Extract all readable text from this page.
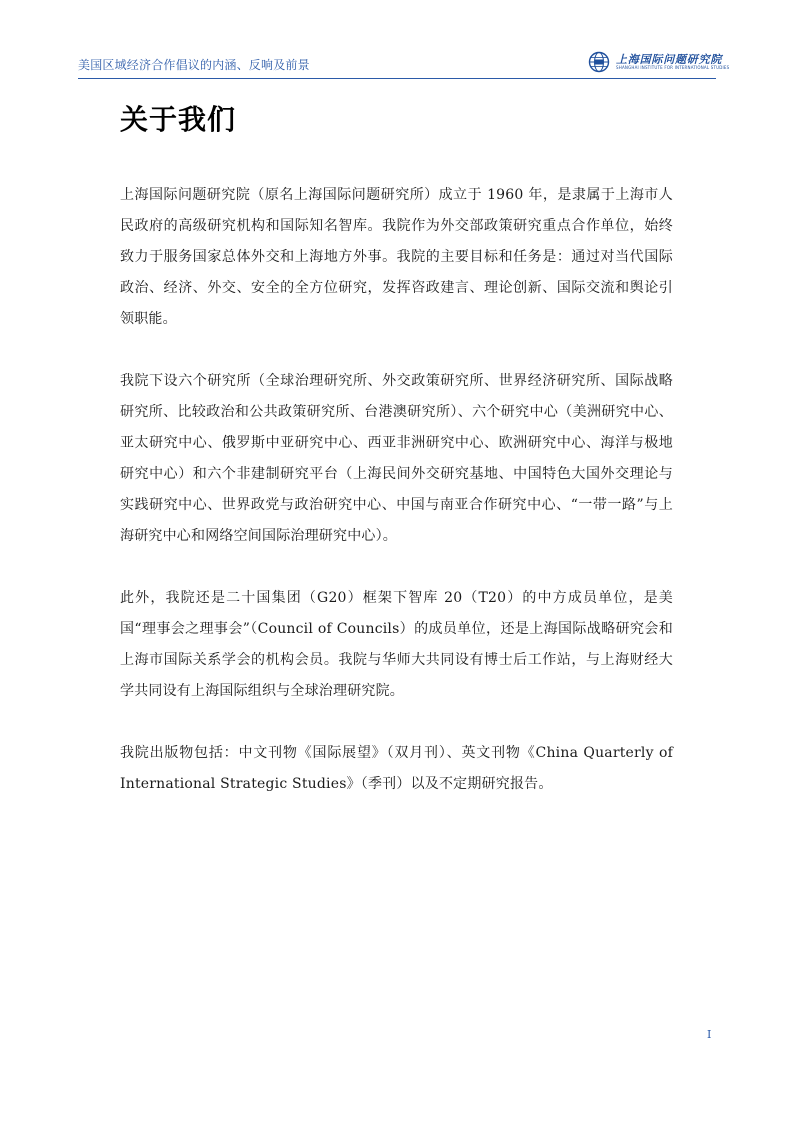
美国区域经济合作倡议的内涵、反响及前景	上海国际问题研究院
SHANGHAI INSTITUTE FOR INTERNATIONAL STUDIES
关于我们

上海国际问题研究院（原名上海国际问题研究所）成立于 1960 年，是隶属于上海市人民政府的高级研究机构和国际知名智库。我院作为外交部政策研究重点合作单位，始终致力于服务国家总体外交和上海地方外事。我院的主要目标和任务是：通过对当代国际政治、经济、外交、安全的全方位研究，发挥咨政建言、理论创新、国际交流和舆论引领职能。

我院下设六个研究所（全球治理研究所、外交政策研究所、世界经济研究所、国际战略研究所、比较政治和公共政策研究所、台港澳研究所）、六个研究中心（美洲研究中心、亚太研究中心、俄罗斯中亚研究中心、西亚非洲研究中心、欧洲研究中心、海洋与极地研究中心）和六个非建制研究平台（上海民间外交研究基地、中国特色大国外交理论与实践研究中心、世界政党与政治研究中心、中国与南亚合作研究中心、“一带一路”与上海研究中心和网络空间国际治理研究中心）。

此外，我院还是二十国集团（G20）框架下智库 20（T20）的中方成员单位，是美国“理事会之理事会”（Council of Councils）的成员单位，还是上海国际战略研究会和上海市国际关系学会的机构会员。我院与华师大共同设有博士后工作站，与上海财经大学共同设有上海国际组织与全球治理研究院。

我院出版物包括：中文刊物《国际展望》（双月刊）、英文刊物《China Quarterly of International Strategic Studies》（季刊）以及不定期研究报告。

I
